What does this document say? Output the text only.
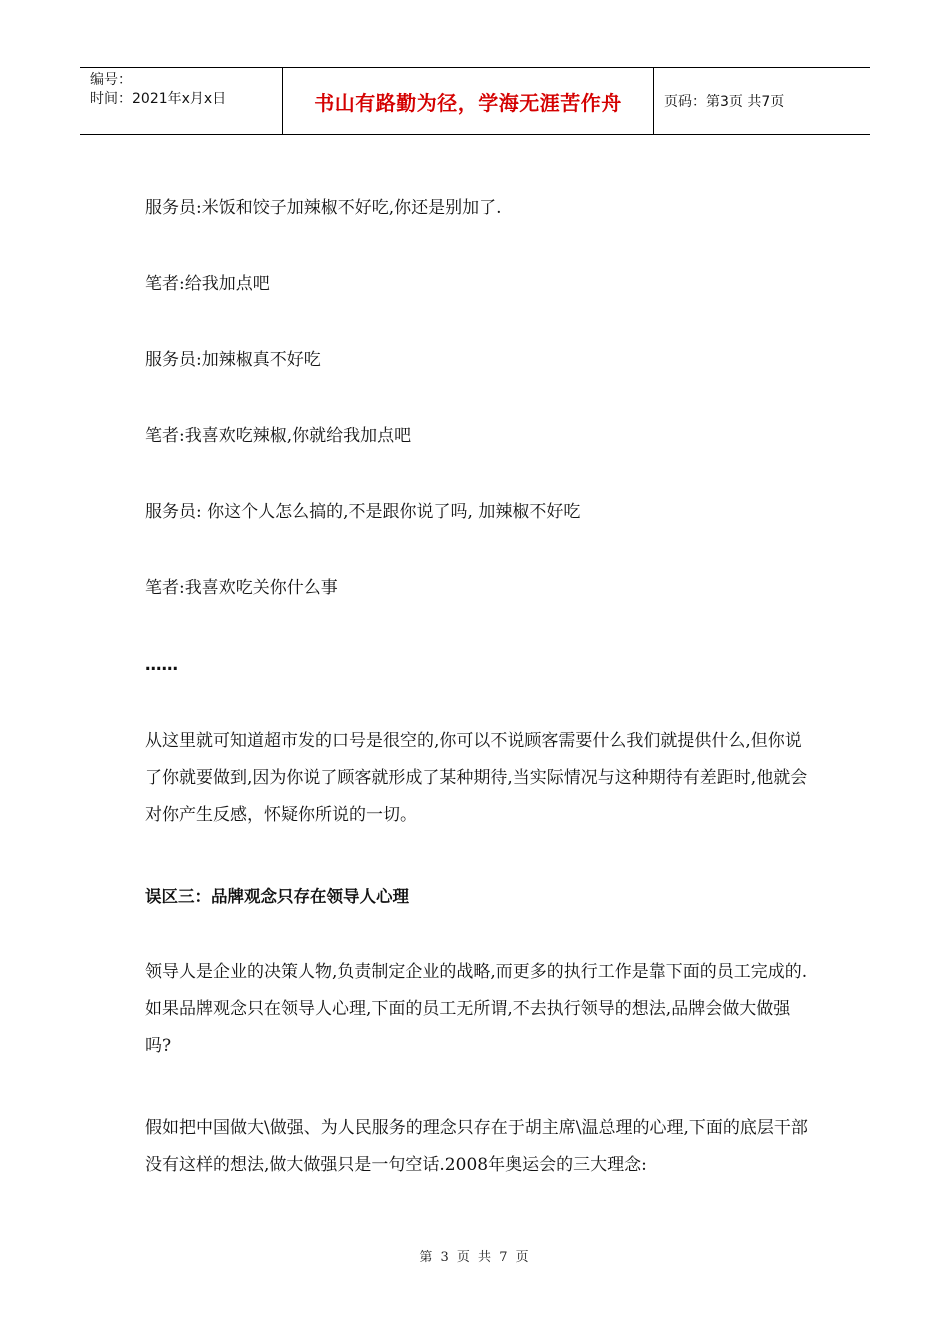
编号：
时间：2021年x月x日	书山有路勤为径，学海无涯苦作舟	页码：第3页 共7页

服务员:米饭和饺子加辣椒不好吃,你还是别加了.

笔者:给我加点吧

服务员:加辣椒真不好吃

笔者:我喜欢吃辣椒,你就给我加点吧

服务员: 你这个人怎么搞的,不是跟你说了吗, 加辣椒不好吃

笔者:我喜欢吃关你什么事

……

从这里就可知道超市发的口号是很空的,你可以不说顾客需要什么我们就提供什么,但你说了你就要做到,因为你说了顾客就形成了某种期待,当实际情况与这种期待有差距时,他就会对你产生反感，怀疑你所说的一切。

误区三：品牌观念只存在领导人心理

领导人是企业的决策人物,负责制定企业的战略,而更多的执行工作是靠下面的员工完成的.如果品牌观念只在领导人心理,下面的员工无所谓,不去执行领导的想法,品牌会做大做强吗?

假如把中国做大\做强、为人民服务的理念只存在于胡主席\温总理的心理,下面的底层干部没有这样的想法,做大做强只是一句空话.2008年奥运会的三大理念:

第 3 页 共 7 页
